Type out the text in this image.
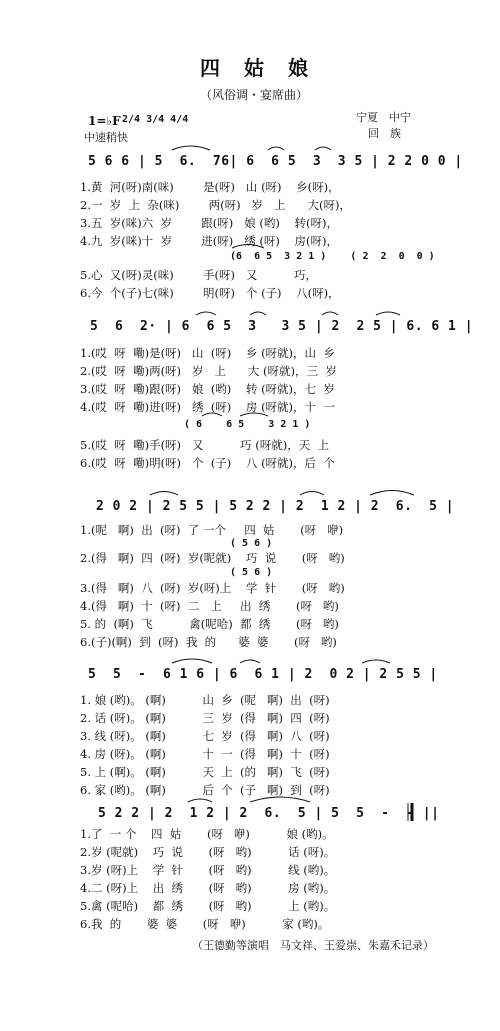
四　姑　娘
（风俗调・宴席曲）
1=♭F 2/4 3/4 4/4
中速稍快
宁夏　中宁
回　族
5 6 6 | 5  6.  76| 6  6 5  3  3 5 | 2 2 0 0 |
1.黄  河(呀)南(咪)        是(呀)   山 (呀)    乡(呀)，
2.一  岁  上  杂(咪)        两(呀)   岁   上      大(呀)，
3.五  岁(咪)六  岁        跟(呀)   娘 (哟)    转(呀)，
4.九  岁(咪)十  岁        进(呀)   绣 (呀)    房(呀)，
(6  6 5  3 2 1 )    ( 2  2  0  0 )
5.心  又(呀)灵(咪)        手(呀)   又          巧，
6.今  个(子)七(咪)        明(呀)   个 (子)    八(呀)，
5  6  2· | 6  6 5  3   3 5 | 2  2 5 | 6. 6 1 |
1.(哎  呀  嘞)是(呀)   山  (呀)    乡 (呀就)，山  乡
2.(哎  呀  嘞)两(呀)   岁   上      大 (呀就)，三  岁
3.(哎  呀  嘞)跟(呀)   娘  (哟)    转 (呀就)，七  岁
4.(哎  呀  嘞)进(呀)   绣  (呀)    房 (呀就)，十  一
( 6    6 5    3 2 1 )
5.(哎  呀  嘞)手(呀)   又          巧 (呀就)，天  上
6.(哎  呀  嘞)明(呀)   个  (子)    八 (呀就)，后  个
2 0 2 | 2 5 5 | 5 2 2 | 2  1 2 | 2  6.  5 |
1.(呢   啊)  出  (呀)  了 一个     四  姑       (呀   咿)
( 5 6 )
2.(得   啊)  四  (呀)  岁(呢就)    巧  说       (呀   哟)
( 5 6 )
3.(得   啊)  八  (呀)  岁(呀)上    学  针       (呀   哟)
4.(得   啊)  十  (呀)  二   上     出  绣       (呀   哟)
5. 的  (啊)  飞          禽(呢哈)  都  绣       (呀   哟)
6.(子)(啊)  到  (呀)  我  的      婆  婆       (呀   哟)
5  5  -  6 1 6 | 6  6 1 | 2  0 2 | 2 5 5 |
1. 娘 (哟)。 (啊)          山  乡  (呢   啊)  出  (呀)
2. 话 (呀)。 (啊)          三  岁  (得   啊)  四  (呀)
3. 线 (呀)。 (啊)          七  岁  (得   啊)  八  (呀)
4. 房 (呀)。 (啊)          十  一  (得   啊)  十  (呀)
5. 上 (啊)。 (啊)          天  上  (的   啊)  飞  (呀)
6. 家 (哟)。 (啊)          后  个  (子   啊)  到  (呀)
5 2 2 | 2  1 2 | 2  6.  5 | 5  5  -  - ||
1.了  一 个    四  姑       (呀   咿)          娘 (哟)。
2.岁 (呢就)    巧  说       (呀   哟)          话 (呀)。
3.岁 (呀)上    学  针       (呀   哟)          线 (哟)。
4.二 (呀)上    出  绣       (呀   哟)          房 (哟)。
5.禽 (呢哈)    都  绣       (呀   哟)          上 (哟)。
6.我  的       婆  婆       (呀   咿)          家 (哟)。
（王德勤等演唱　马文祥、王爱崇、朱嘉禾记录）
